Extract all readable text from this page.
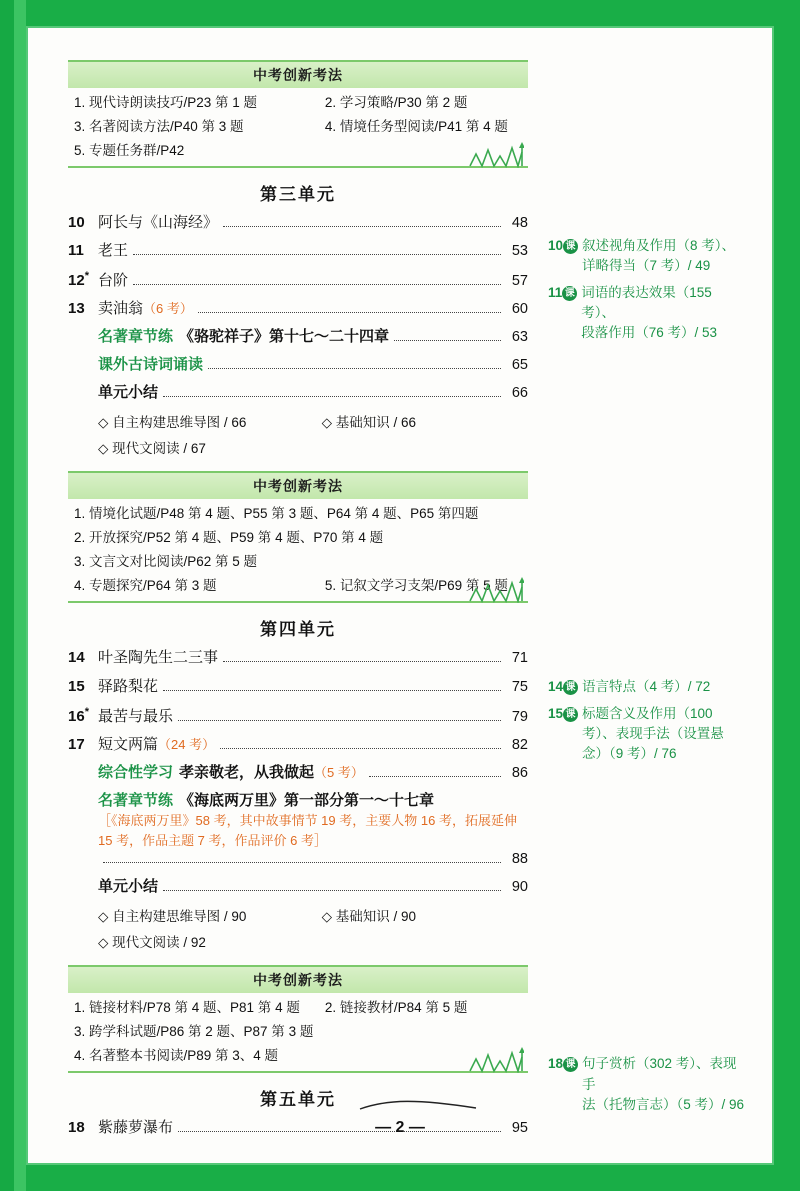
中考创新考法
1. 现代诗朗读技巧/P23 第 1 题	2. 学习策略/P30 第 2 题
3. 名著阅读方法/P40 第 3 题	4. 情境任务型阅读/P41 第 4 题
5. 专题任务群/P42
第三单元
10 阿长与《山海经》	48
11 老王	53
12 * 台阶	57
13 卖油翁 （6 考）	60
名著章节练 《骆驼祥子》第十七～二十四章	63
课外古诗词诵读	65
单元小结	66
◇ 自主构建思维导图 / 66	◇ 基础知识 / 66
◇ 现代文阅读 / 67
中考创新考法
1. 情境化试题/P48 第 4 题、P55 第 3 题、P64 第 4 题、P65 第四题
2. 开放探究/P52 第 4 题、P59 第 4 题、P70 第 4 题
3. 文言文对比阅读/P62 第 5 题
4. 专题探究/P64 第 3 题	5. 记叙文学习支架/P69 第 5 题
第四单元
14 叶圣陶先生二三事	71
15 驿路梨花	75
16 * 最苦与最乐	79
17 短文两篇 （24 考）	82
综合性学习 孝亲敬老，从我做起 （5 考）	86
名著章节练 《海底两万里》第一部分第一～十七章
［《海底两万里》58 考，其中故事情节 19 考，主要人物 16 考，拓展延伸 15 考，作品主题 7 考，作品评价 6 考］
88
单元小结	90
◇ 自主构建思维导图 / 90	◇ 基础知识 / 90
◇ 现代文阅读 / 92
中考创新考法
1. 链接材料/P78 第 4 题、P81 第 4 题	2. 链接教材/P84 第 5 题
3. 跨学科试题/P86 第 2 题、P87 第 3 题
4. 名著整本书阅读/P89 第 3、4 题
第五单元
18 紫藤萝瀑布	95
10 课 叙述视角及作用（8 考）、
详略得当（7 考）/ 49
11 课 词语的表达效果（155 考）、
段落作用（76 考）/ 53
14 课 语言特点（4 考）/ 72
15 课 标题含义及作用（100
考）、表现手法（设置悬
念）（9 考）/ 76
18 课 句子赏析（302 考）、表现手
法（托物言志）（5 考）/ 96
— 2 —
